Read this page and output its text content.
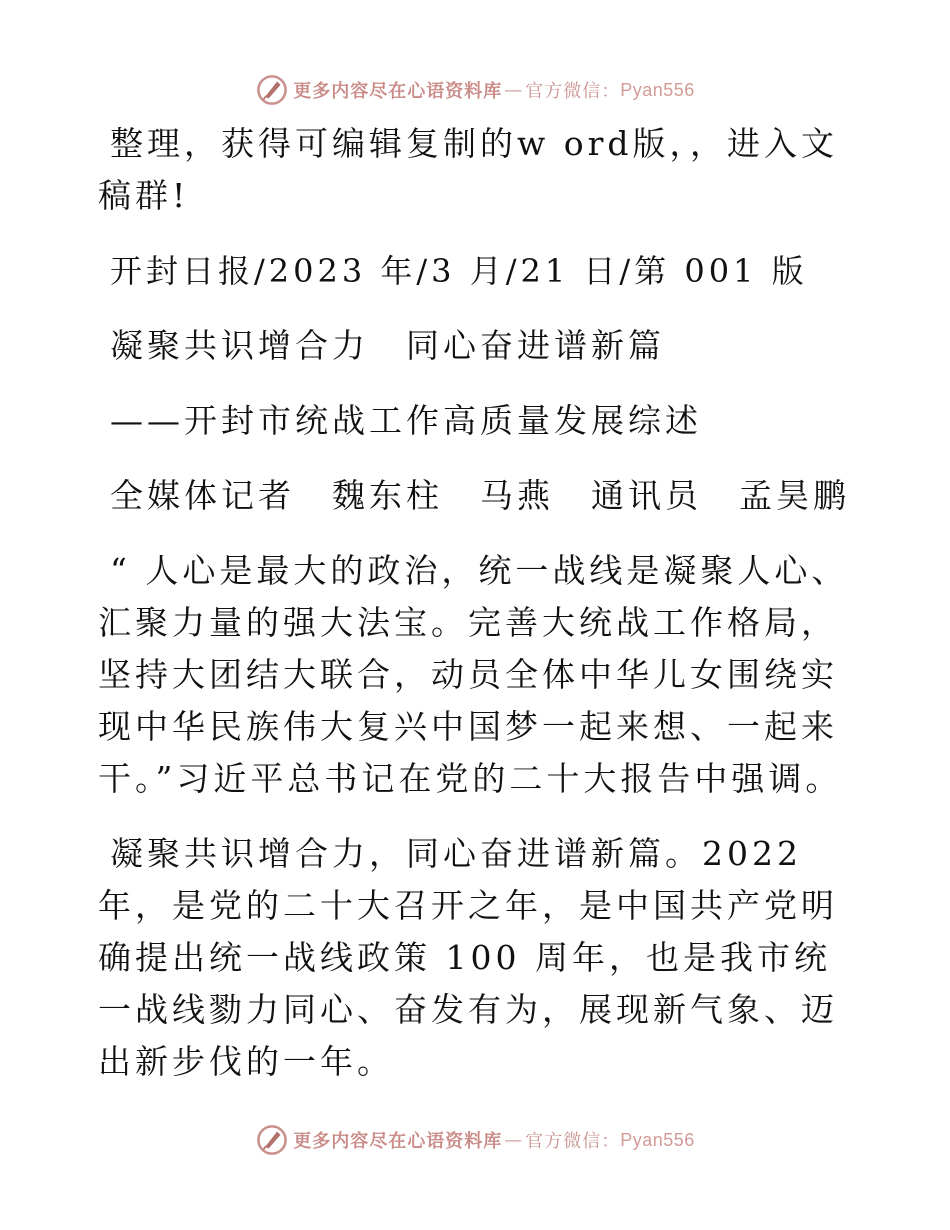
更多内容尽在心语资料库 — 官方微信： Pyan556

整理，获得可编辑复制的w ord版，，进入文稿群!

开封日报/2023 年/3 月/21 日/第 001 版

凝聚共识增合力　同心奋进谱新篇

——开封市统战工作高质量发展综述

全媒体记者　魏东柱　马燕　通讯员　孟昊鹏

“ 人心是最大的政治，统一战线是凝聚人心、汇聚力量的强大法宝。完善大统战工作格局，坚持大团结大联合，动员全体中华儿女围绕实现中华民族伟大复兴中国梦一起来想、一起来干。”习近平总书记在党的二十大报告中强调。

凝聚共识增合力，同心奋进谱新篇。2022 年，是党的二十大召开之年，是中国共产党明确提出统一战线政策 100 周年，也是我市统一战线勠力同心、奋发有为，展现新气象、迈出新步伐的一年。

更多内容尽在心语资料库 — 官方微信： Pyan556
